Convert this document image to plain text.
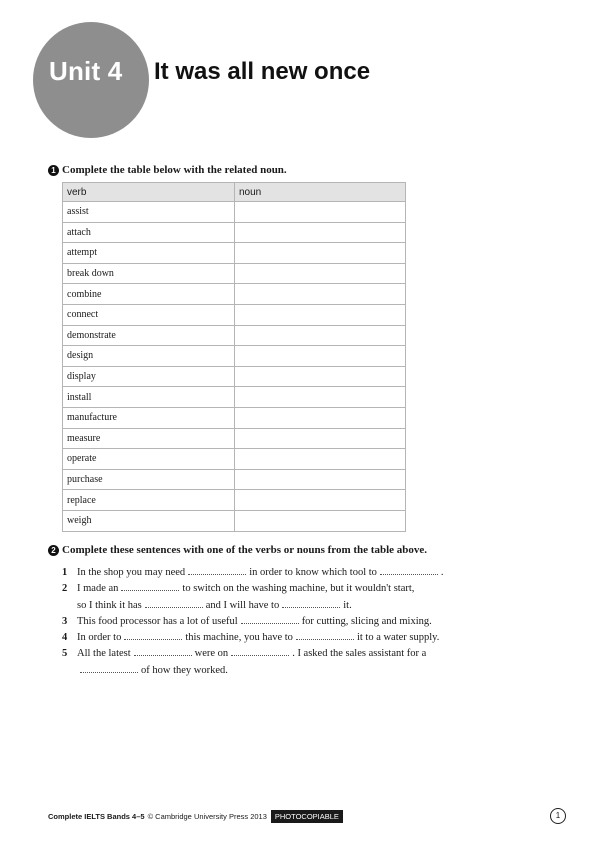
Unit 4 It was all new once
1 Complete the table below with the related noun.
verb	noun
assist	
attach	
attempt	
break down	
combine	
connect	
demonstrate	
design	
display	
install	
manufacture	
measure	
operate	
purchase	
replace	
weigh	
2 Complete these sentences with one of the verbs or nouns from the table above.
1 In the shop you may need	in order to know which tool to	.
2 I made an	to switch on the washing machine, but it wouldn't start,
so I think it has	and I will have to	it.
3 This food processor has a lot of useful	for cutting, slicing and mixing.
4 In order to	this machine, you have to	it to a water supply.
5 All the latest	were on	. I asked the sales assistant for a
of how they worked.
Complete IELTS Bands 4–5 © Cambridge University Press 2013	PHOTOCOPIABLE	1
